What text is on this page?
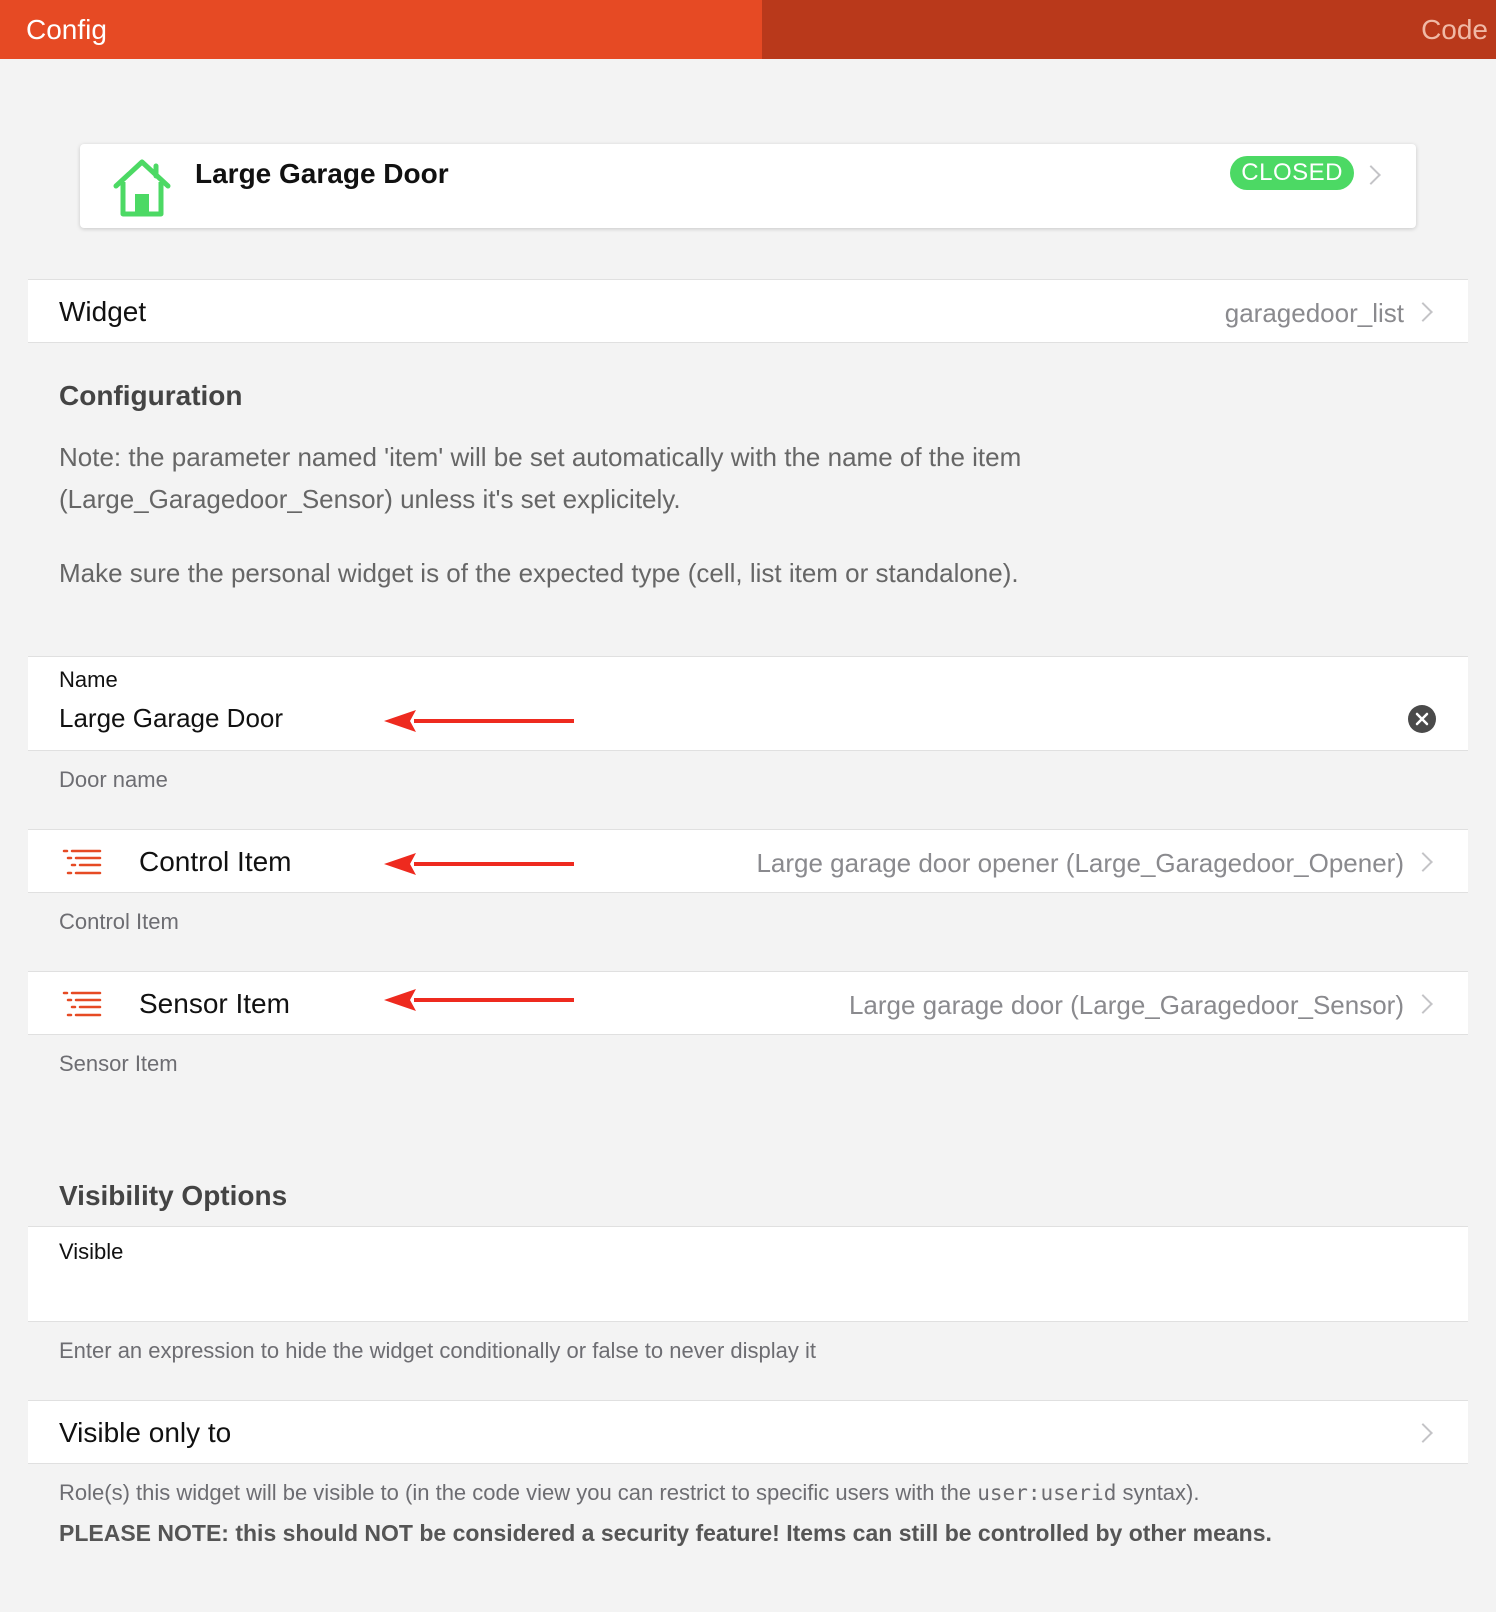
Config	Code
Large Garage Door	CLOSED
Widget	garagedoor_list
Configuration
Note: the parameter named 'item' will be set automatically with the name of the item (Large_Garagedoor_Sensor) unless it's set explicitely.
Make sure the personal widget is of the expected type (cell, list item or standalone).
Name
Large Garage Door
Door name
Control Item	Large garage door opener (Large_Garagedoor_Opener)
Control Item
Sensor Item	Large garage door (Large_Garagedoor_Sensor)
Sensor Item
Visibility Options
Visible
Enter an expression to hide the widget conditionally or false to never display it
Visible only to
Role(s) this widget will be visible to (in the code view you can restrict to specific users with the user:userid syntax).
PLEASE NOTE: this should NOT be considered a security feature! Items can still be controlled by other means.
